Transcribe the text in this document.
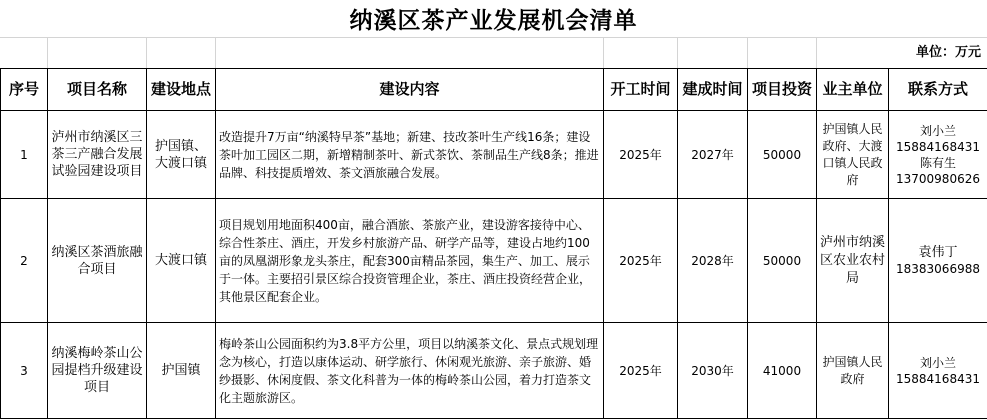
纳溪区茶产业发展机会清单
单位：万元
序号	项目名称	建设地点	建设内容	开工时间	建成时间	项目投资	业主单位	联系方式
1	泸州市纳溪区三茶三产融合发展试验园建设项目	护国镇、大渡口镇	改造提升7万亩“纳溪特早茶”基地；新建、技改茶叶生产线16条；建设茶叶加工园区二期，新增精制茶叶、新式茶饮、茶制品生产线8条；推进品牌、科技提质增效、茶文酒旅融合发展。	2025年	2027年	50000	护国镇人民政府、大渡口镇人民政府	刘小兰
15884168431
陈有生
13700980626

2	纳溪区茶酒旅融合项目	大渡口镇	项目规划用地面积400亩，融合酒旅、茶旅产业，建设游客接待中心、综合性茶庄、酒庄，开发乡村旅游产品、研学产品等，建设占地约100亩的凤凰湖形象龙头茶庄，配套300亩精品茶园，集生产、加工、展示于一体。主要招引景区综合投资管理企业，茶庄、酒庄投资经营企业，其他景区配套企业。	2025年	2028年	50000	泸州市纳溪区农业农村局	袁伟丁
18383066988

3	纳溪梅岭茶山公园提档升级建设项目	护国镇	梅岭茶山公园面积约为3.8平方公里，项目以纳溪茶文化、景点式规划理念为核心，打造以康体运动、研学旅行、休闲观光旅游、亲子旅游、婚纱摄影、休闲度假、茶文化科普为一体的梅岭茶山公园，着力打造茶文化主题旅游区。	2025年	2030年	41000	护国镇人民政府	刘小兰
15884168431
